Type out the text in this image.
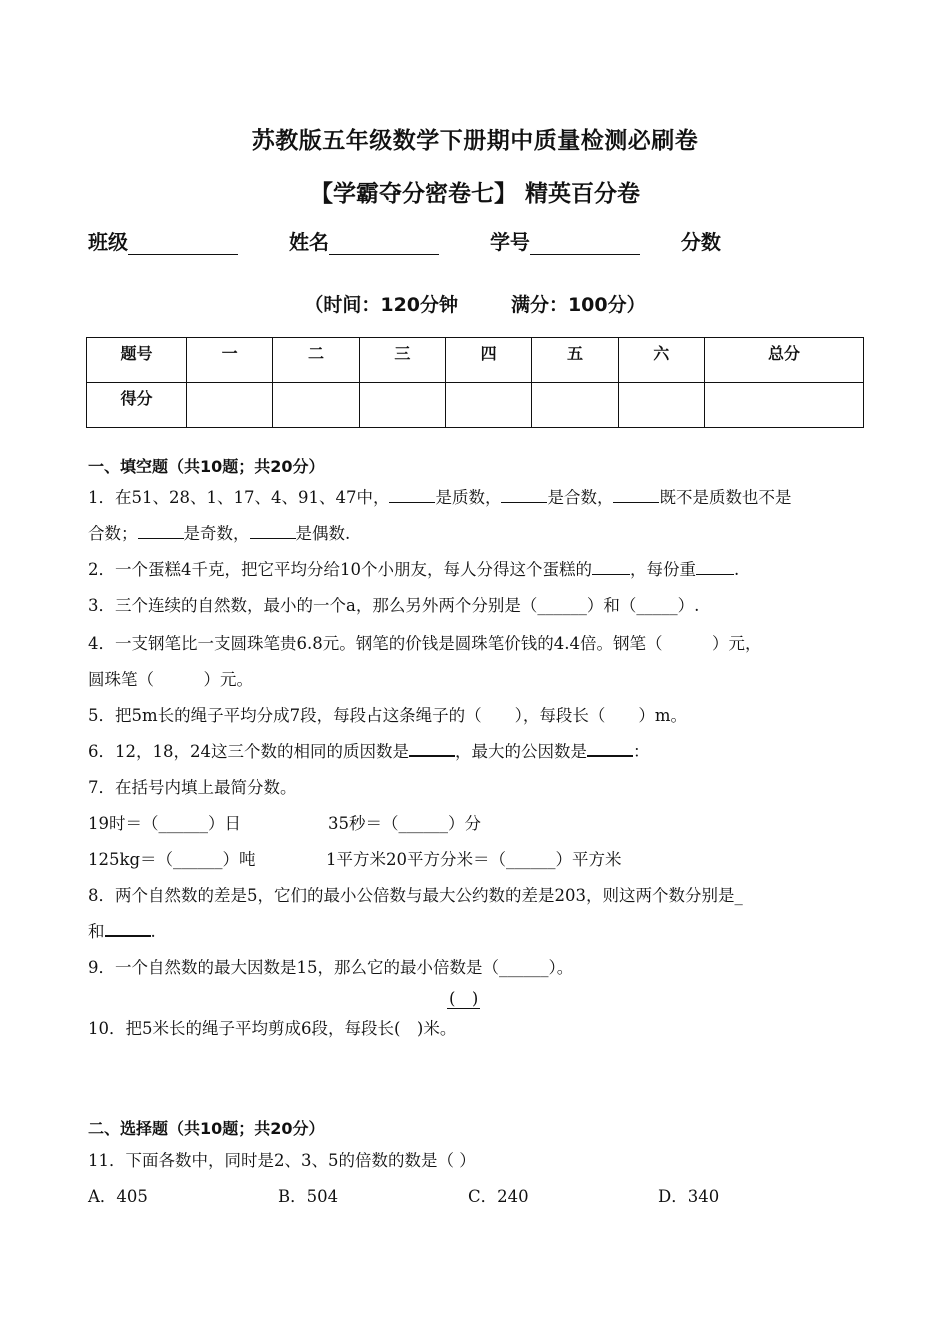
苏教版五年级数学下册期中质量检测必刷卷
【学霸夺分密卷七】 精英百分卷
班级	姓名	学号	分数
（时间：120分钟	满分：100分）
题号	一	二	三	四	五	六	总分
得分							
一、填空题（共10题；共20分）
1．在51、28、1、17、4、91、47中，	是质数，	是合数，	既不是质数也不是
合数；	是奇数，	是偶数.
2．一个蛋糕4千克，把它平均分给10个小朋友，每人分得这个蛋糕的 ，每份重 .
3．三个连续的自然数，最小的一个a，那么另外两个分别是（______）和（_____）.
4．一支钢笔比一支圆珠笔贵6.8元。钢笔的价钱是圆珠笔价钱的4.4倍。钢笔（　　　）元，
圆珠笔（　　　）元。
5．把5m长的绳子平均分成7段，每段占这条绳子的（　　），每段长（　　）m。
6．12，18，24这三个数的相同的质因数是	，最大的公因数是	：
7．在括号内填上最简分数。
19时＝（______）日	35秒＝（______）分
125kg＝（______）吨	1平方米20平方分米＝（______）平方米
8．两个自然数的差是5，它们的最小公倍数与最大公约数的差是203，则这两个数分别是_
和	.
9．一个自然数的最大因数是15，那么它的最小倍数是（______）。
(　)
10．把5米长的绳子平均剪成6段，每段长(　)米。
二、选择题（共10题；共20分）
11．下面各数中，同时是2、3、5的倍数的数是（ ）
A．405	B．504	C．240	D．340
